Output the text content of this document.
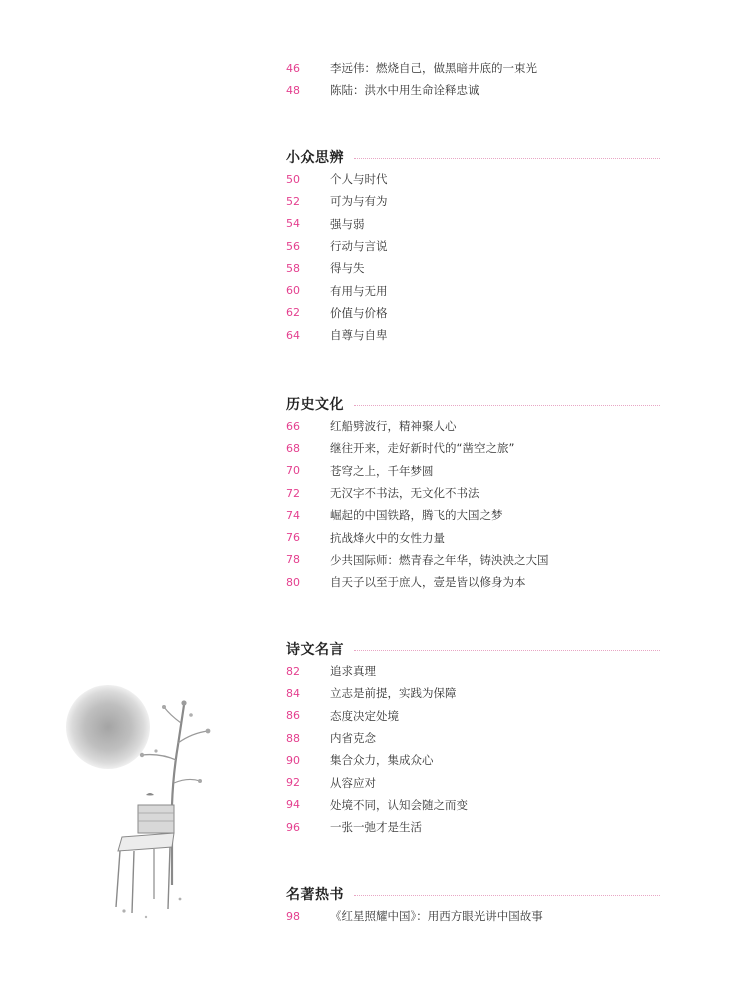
46	李远伟：燃烧自己，做黑暗井底的一束光
48	陈陆：洪水中用生命诠释忠诚
小众思辨
50	个人与时代
52	可为与有为
54	强与弱
56	行动与言说
58	得与失
60	有用与无用
62	价值与价格
64	自尊与自卑
历史文化
66	红船劈波行，精神聚人心
68	继往开来，走好新时代的“凿空之旅”
70	苍穹之上，千年梦圆
72	无汉字不书法，无文化不书法
74	崛起的中国铁路，腾飞的大国之梦
76	抗战烽火中的女性力量
78	少共国际师：燃青春之年华，铸泱泱之大国
80	自天子以至于庶人，壹是皆以修身为本
诗文名言
82	追求真理
84	立志是前提，实践为保障
86	态度决定处境
88	内省克念
90	集合众力，集成众心
92	从容应对
94	处境不同，认知会随之而变
96	一张一弛才是生活
名著热书
98	《红星照耀中国》：用西方眼光讲中国故事
